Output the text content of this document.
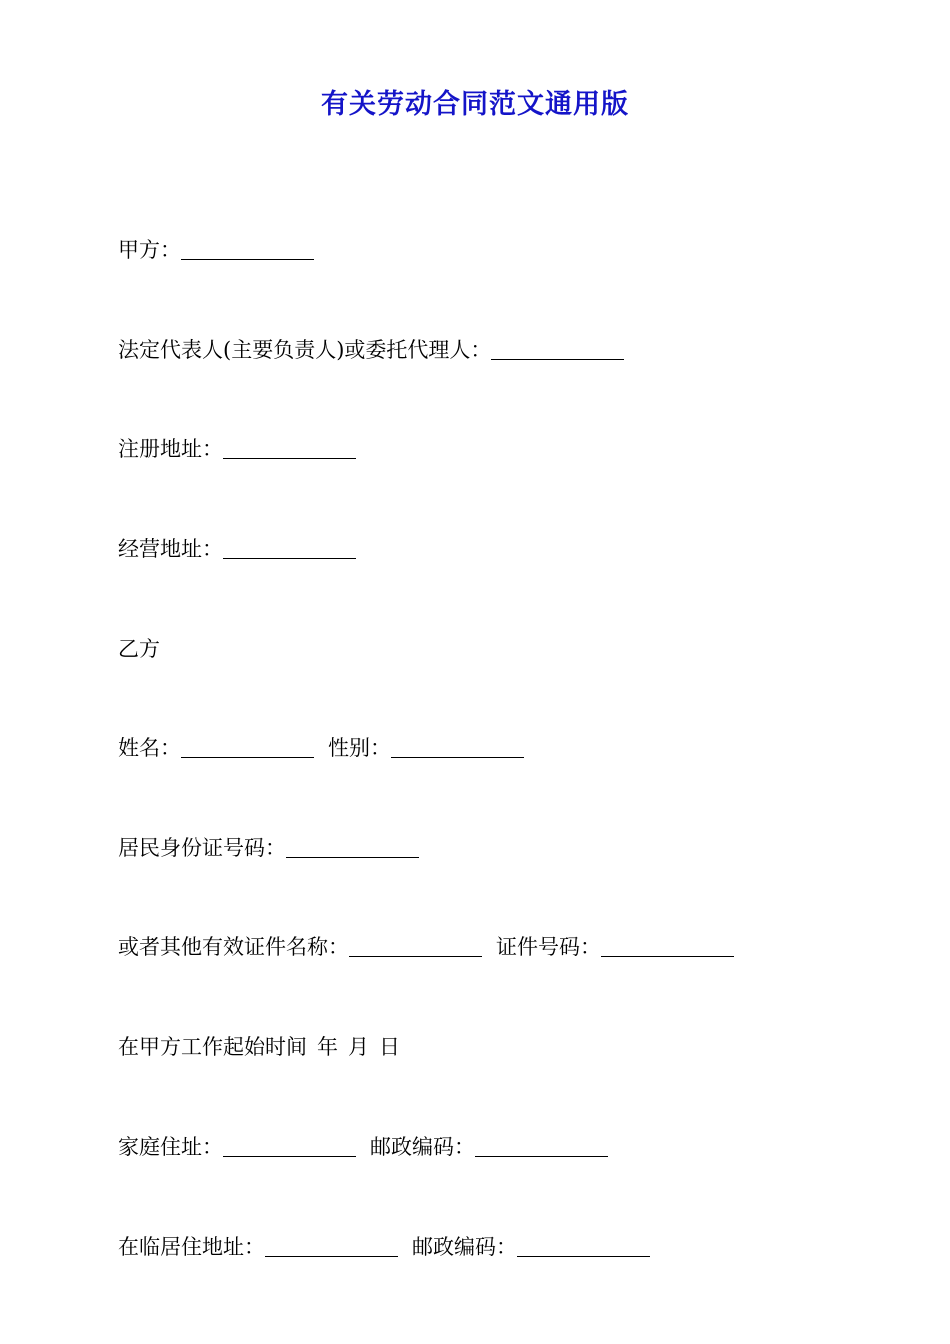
有关劳动合同范文通用版
甲方：
法定代表人(主要负责人)或委托代理人：
注册地址：
经营地址：
乙方
姓名：	性别：
居民身份证号码：
或者其他有效证件名称：	证件号码：
在甲方工作起始时间 年 月 日
家庭住址：	邮政编码：
在临居住地址：	邮政编码：
